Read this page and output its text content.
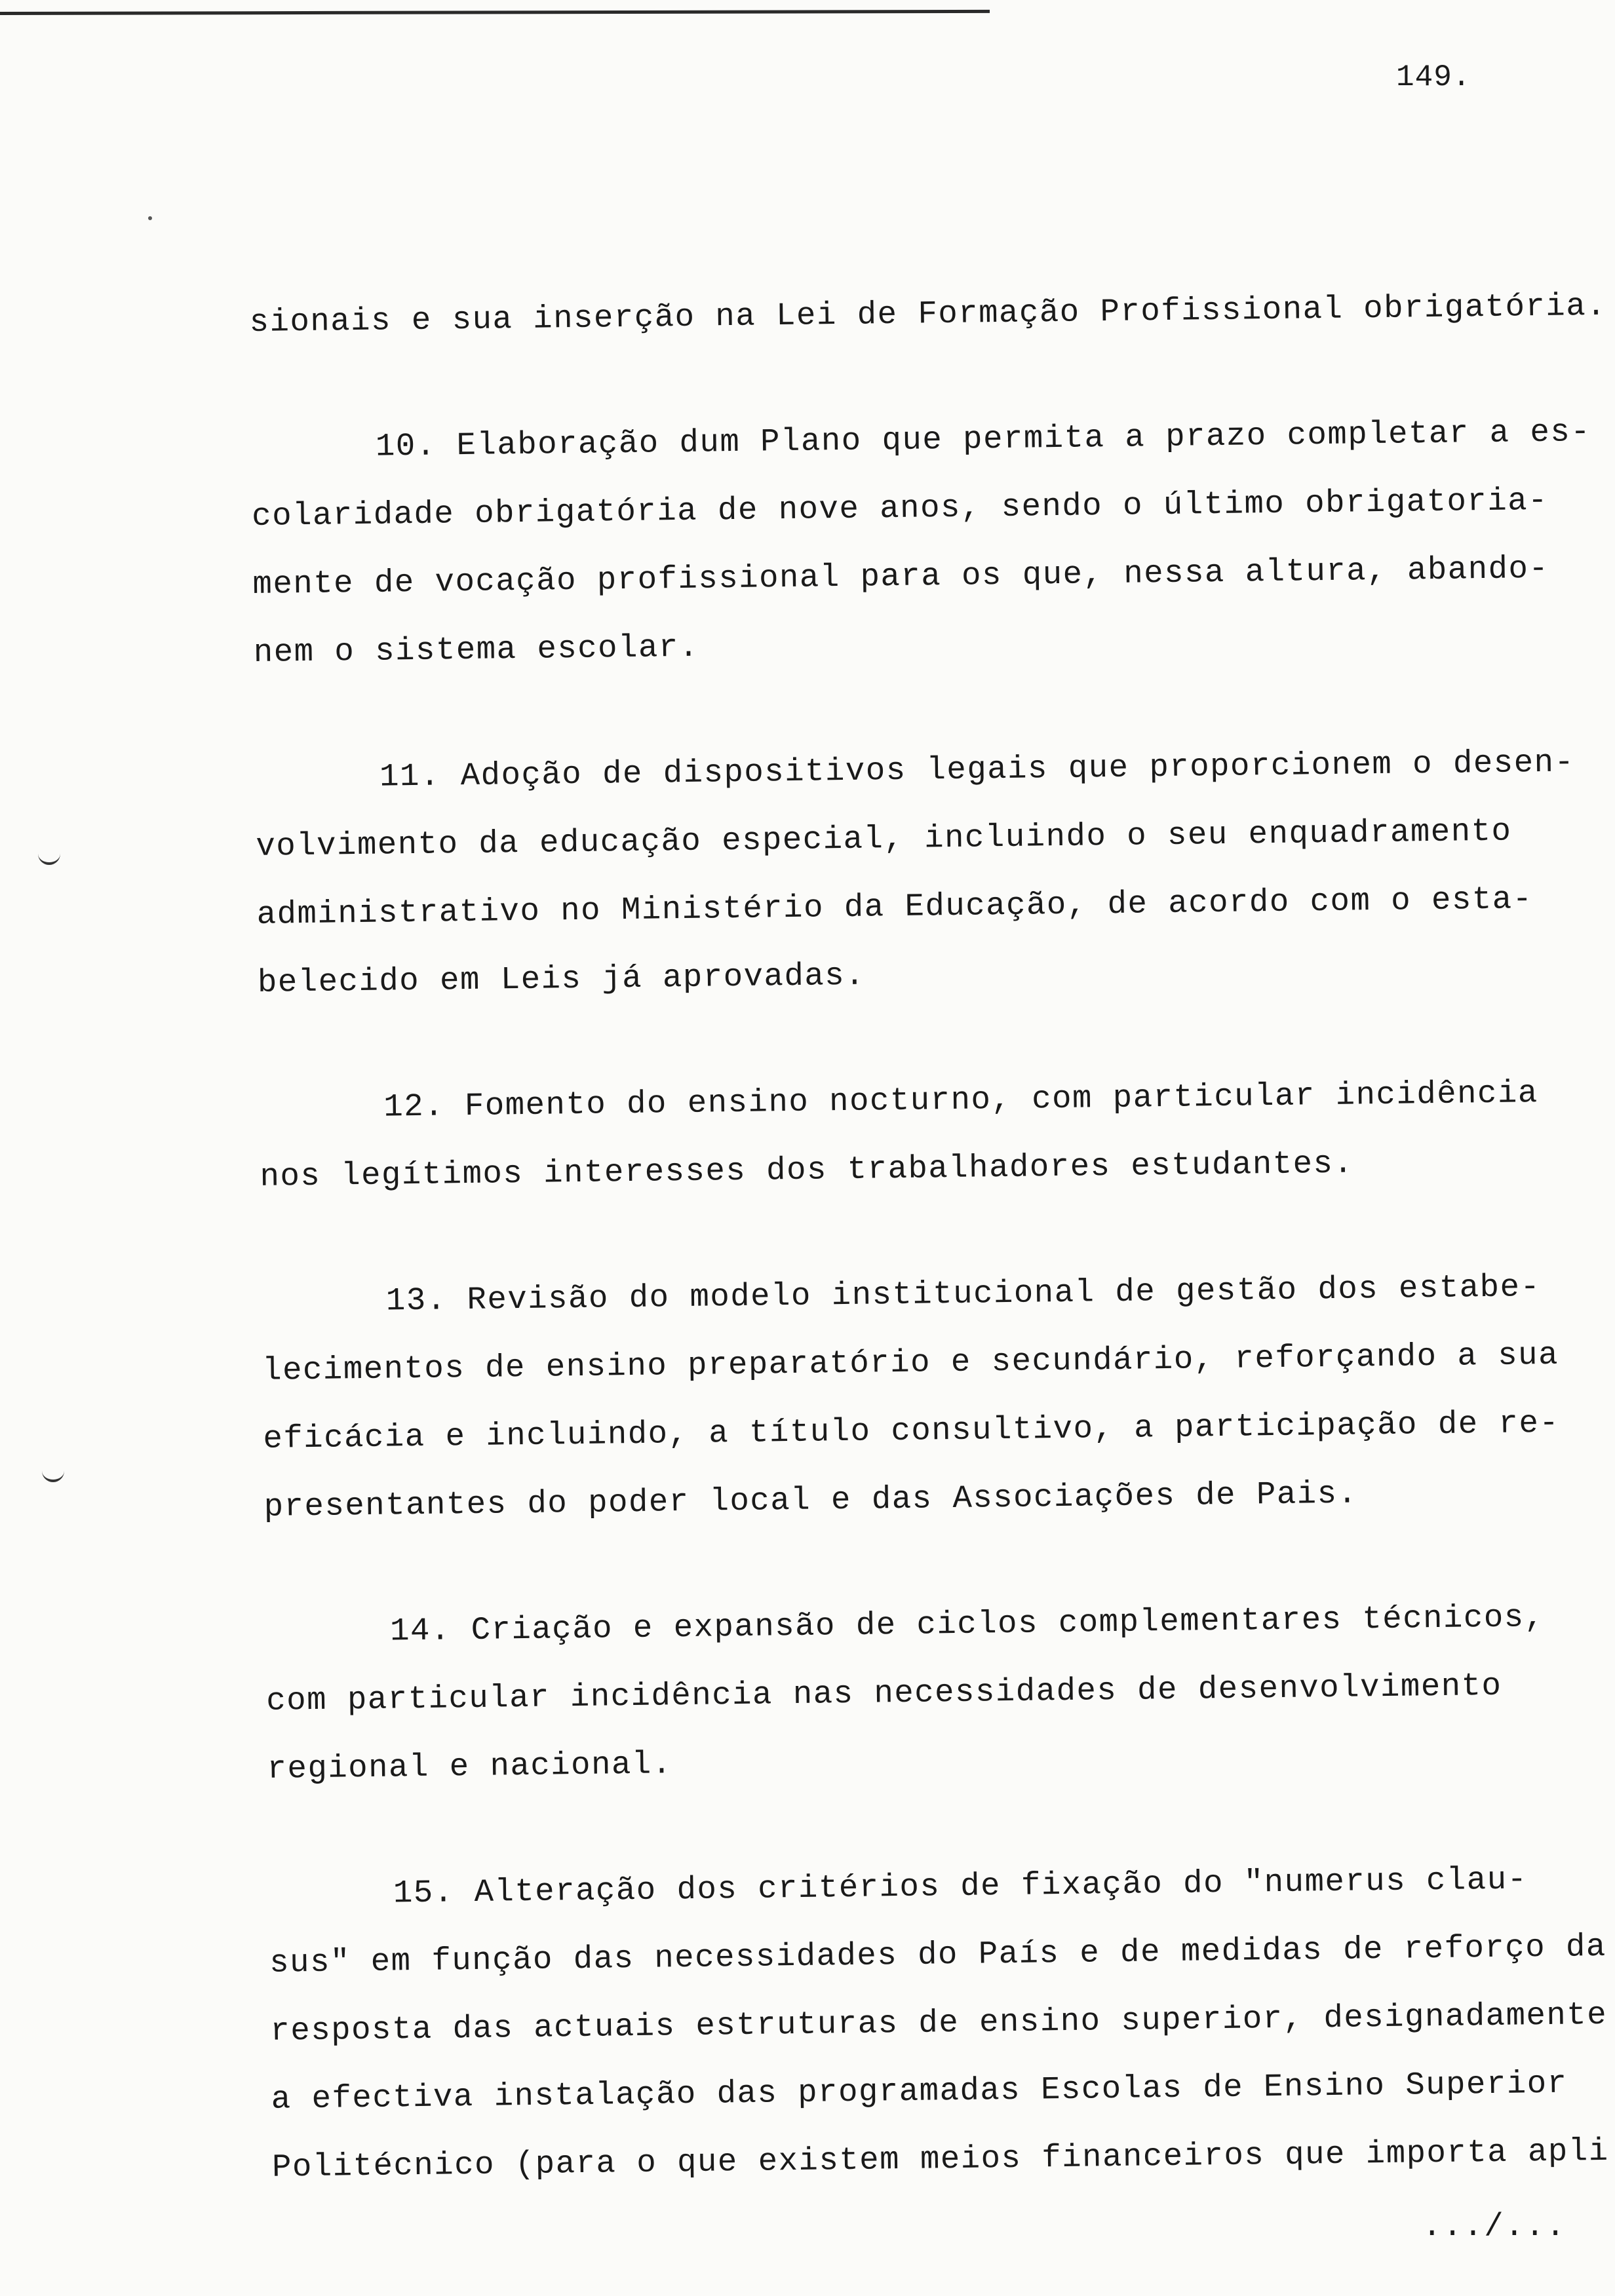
149.
sionais e sua inserção na Lei de Formação Profissional obrigatória.
10. Elaboração dum Plano que permita a prazo completar a es-
colaridade obrigatória de nove anos, sendo o último obrigatoria-
mente de vocação profissional para os que, nessa altura, abando-
nem o sistema escolar.
11. Adoção de dispositivos legais que proporcionem o desen-
volvimento da educação especial, incluindo o seu enquadramento
administrativo no Ministério da Educação, de acordo com o esta-
belecido em Leis já aprovadas.
12. Fomento do ensino nocturno, com particular incidência
nos legítimos interesses dos trabalhadores estudantes.
13. Revisão do modelo institucional de gestão dos estabe-
lecimentos de ensino preparatório e secundário, reforçando a sua
eficácia e incluindo, a título consultivo, a participação de re-
presentantes do poder local e das Associações de Pais.
14. Criação e expansão de ciclos complementares técnicos,
com particular incidência nas necessidades de desenvolvimento
regional e nacional.
15. Alteração dos critérios de fixação do "numerus clau-
sus" em função das necessidades do País e de medidas de reforço da
resposta das actuais estruturas de ensino superior, designadamente
a efectiva instalação das programadas Escolas de Ensino Superior
Politécnico (para o que existem meios financeiros que importa apli
.../...
